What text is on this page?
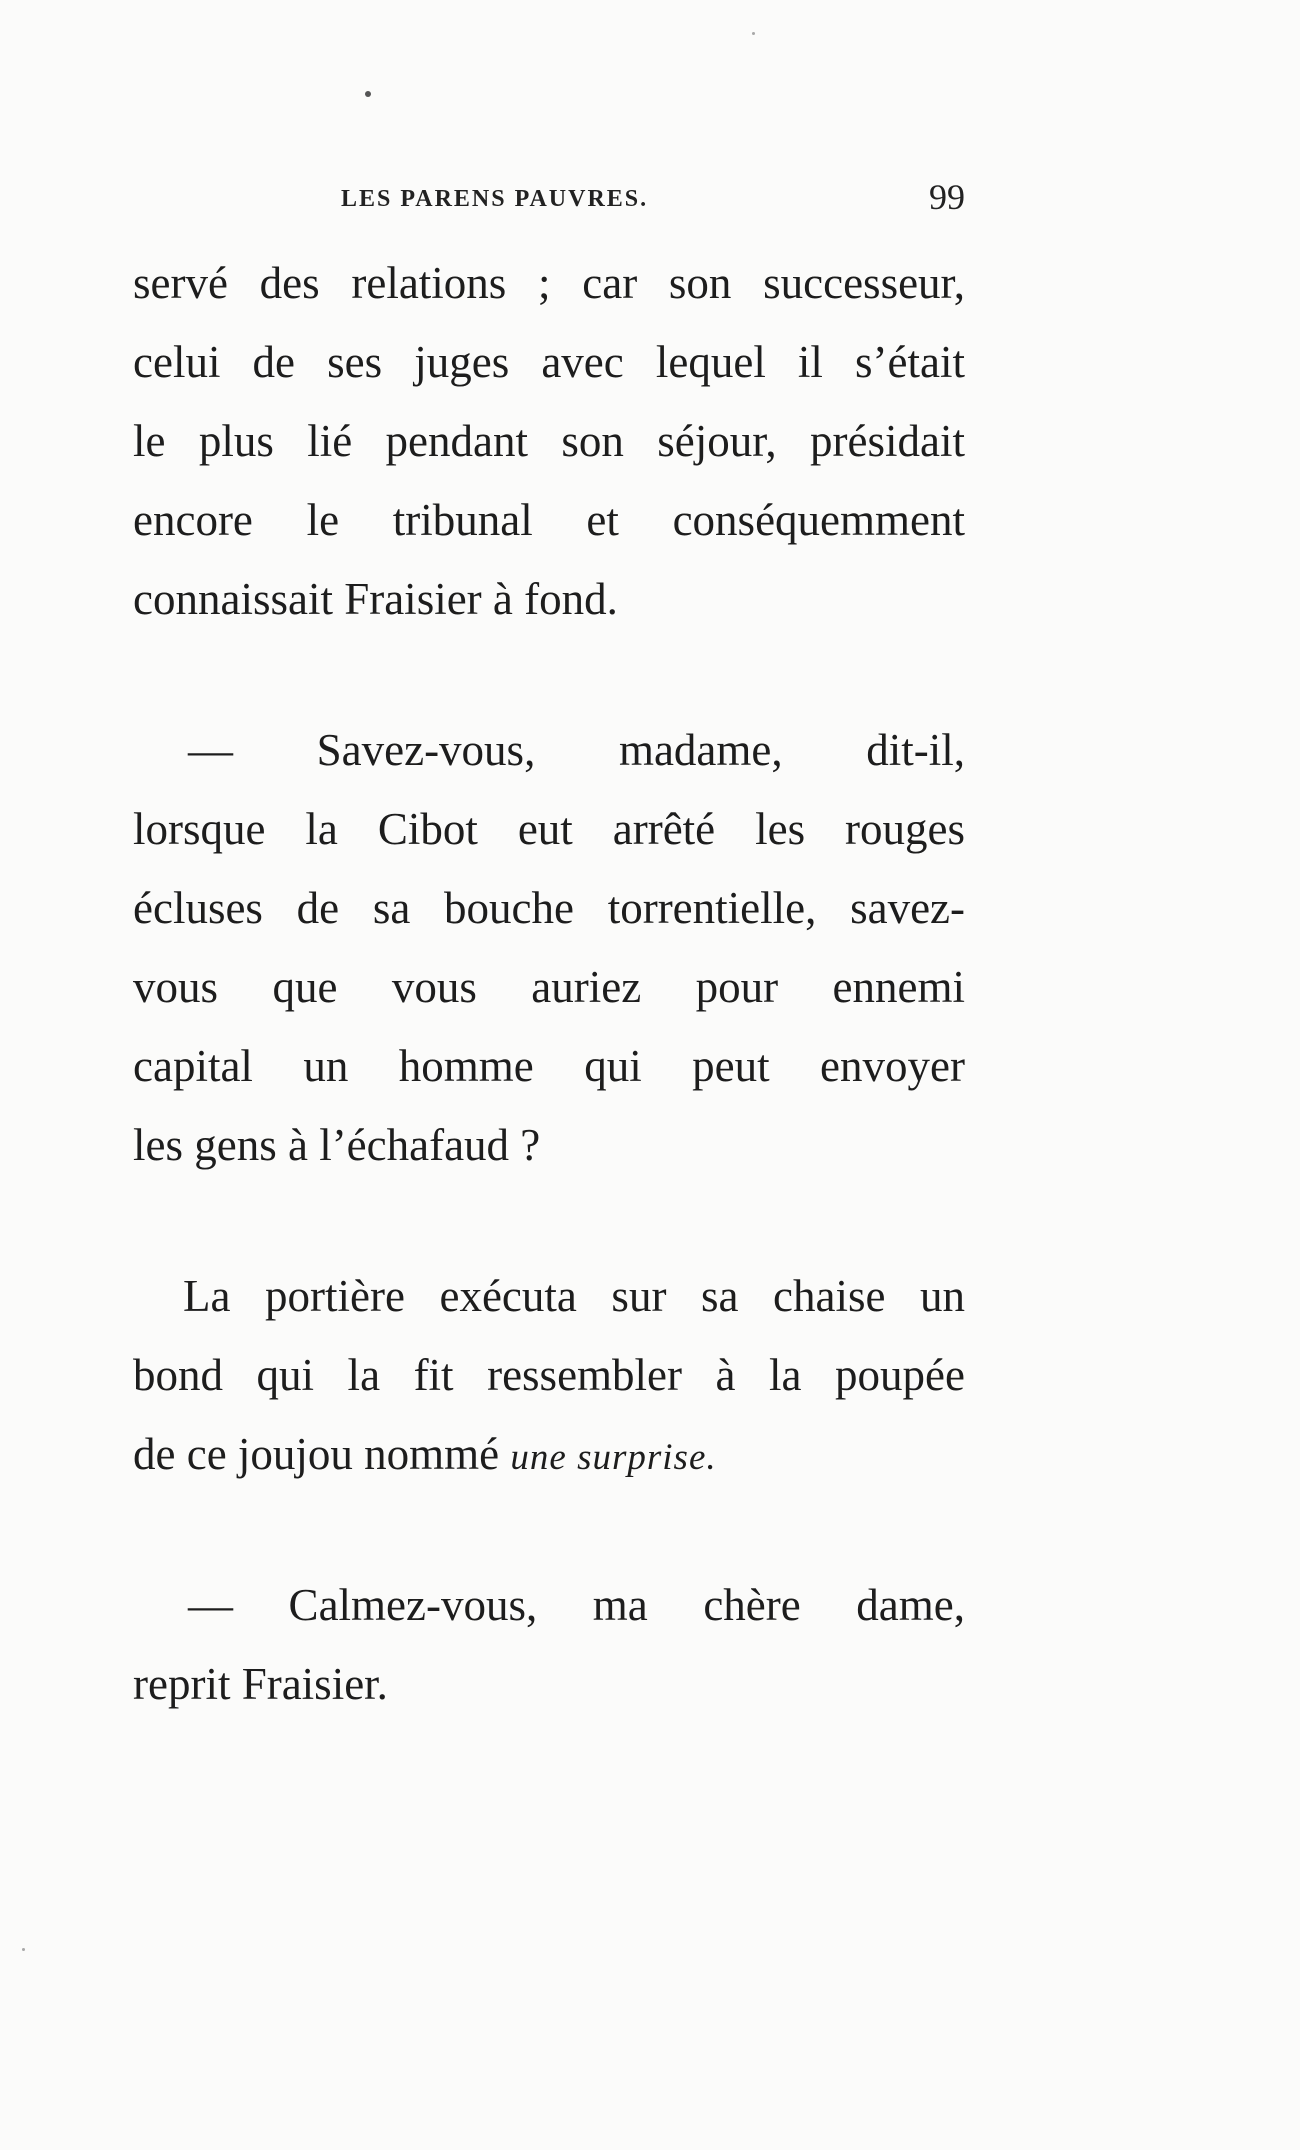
LES PARENS PAUVRES.	99

servé des relations ; car son successeur,
celui de ses juges avec lequel il s’était
le plus lié pendant son séjour, présidait
encore le tribunal et conséquemment
connaissait Fraisier à fond.

— Savez-vous, madame, dit-il,
lorsque la Cibot eut arrêté les rouges
écluses de sa bouche torrentielle, savez-
vous que vous auriez pour ennemi
capital un homme qui peut envoyer
les gens à l’échafaud ?

La portière exécuta sur sa chaise un
bond qui la fit ressembler à la poupée
de ce joujou nommé une surprise.

— Calmez-vous, ma chère dame,
reprit Fraisier.
